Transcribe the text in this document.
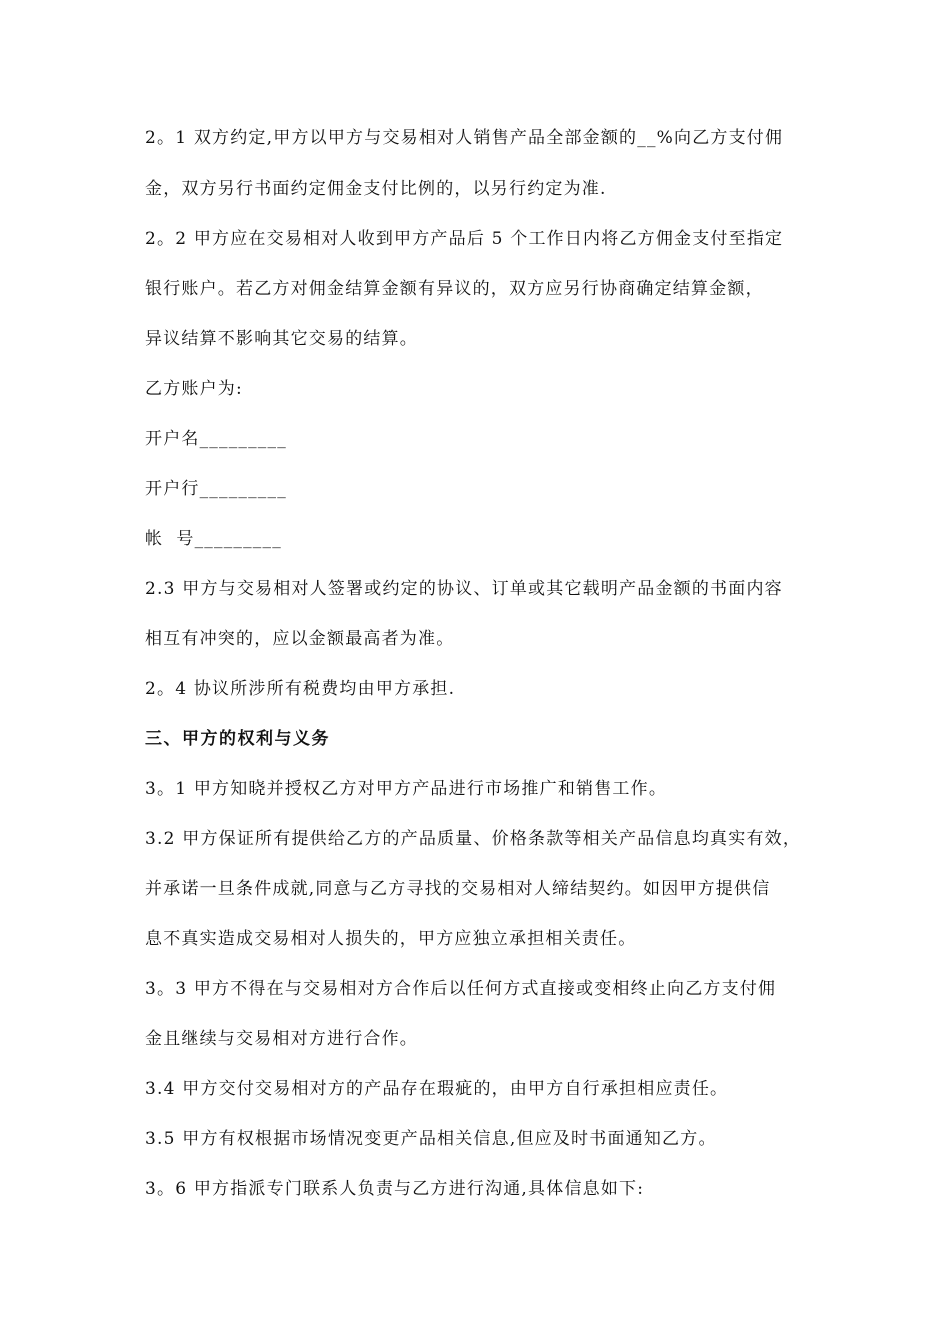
2。1 双方约定,甲方以甲方与交易相对人销售产品全部金额的__%向乙方支付佣
金，双方另行书面约定佣金支付比例的，以另行约定为准.
2。2 甲方应在交易相对人收到甲方产品后 5 个工作日内将乙方佣金支付至指定
银行账户。若乙方对佣金结算金额有异议的，双方应另行协商确定结算金额，
异议结算不影响其它交易的结算。
乙方账户为:
开户名_________
开户行_________
帐  号_________
2.3 甲方与交易相对人签署或约定的协议、订单或其它载明产品金额的书面内容
相互有冲突的，应以金额最高者为准。
2。4 协议所涉所有税费均由甲方承担.
三、甲方的权利与义务
3。1 甲方知晓并授权乙方对甲方产品进行市场推广和销售工作。
3.2 甲方保证所有提供给乙方的产品质量、价格条款等相关产品信息均真实有效，
并承诺一旦条件成就,同意与乙方寻找的交易相对人缔结契约。如因甲方提供信
息不真实造成交易相对人损失的，甲方应独立承担相关责任。
3。3 甲方不得在与交易相对方合作后以任何方式直接或变相终止向乙方支付佣
金且继续与交易相对方进行合作。
3.4 甲方交付交易相对方的产品存在瑕疵的，由甲方自行承担相应责任。
3.5 甲方有权根据市场情况变更产品相关信息,但应及时书面通知乙方。
3。6 甲方指派专门联系人负责与乙方进行沟通,具体信息如下:
